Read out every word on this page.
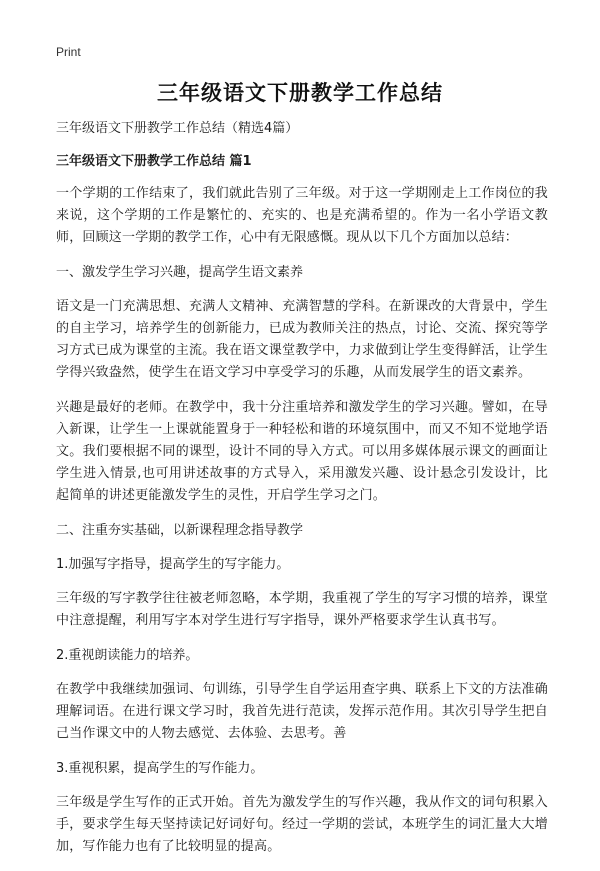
Print
三年级语文下册教学工作总结
三年级语文下册教学工作总结（精选4篇）
三年级语文下册教学工作总结 篇1
一个学期的工作结束了，我们就此告别了三年级。对于这一学期刚走上工作岗位的我来说，这个学期的工作是繁忙的、充实的、也是充满希望的。作为一名小学语文教师，回顾这一学期的教学工作，心中有无限感慨。现从以下几个方面加以总结：
一、激发学生学习兴趣，提高学生语文素养
语文是一门充满思想、充满人文精神、充满智慧的学科。在新课改的大背景中，学生的自主学习，培养学生的创新能力，已成为教师关注的热点，讨论、交流、探究等学习方式已成为课堂的主流。我在语文课堂教学中，力求做到让学生变得鲜活，让学生学得兴致盎然，使学生在语文学习中享受学习的乐趣，从而发展学生的语文素养。
兴趣是最好的老师。在教学中，我十分注重培养和激发学生的学习兴趣。譬如，在导入新课，让学生一上课就能置身于一种轻松和谐的环境氛围中，而又不知不觉地学语文。我们要根据不同的课型，设计不同的导入方式。可以用多媒体展示课文的画面让学生进入情景,也可用讲述故事的方式导入，采用激发兴趣、设计悬念引发设计，比起简单的讲述更能激发学生的灵性，开启学生学习之门。
二、注重夯实基础，以新课程理念指导教学
1.加强写字指导，提高学生的写字能力。
三年级的写字教学往往被老师忽略，本学期，我重视了学生的写字习惯的培养，课堂中注意提醒，利用写字本对学生进行写字指导，课外严格要求学生认真书写。
2.重视朗读能力的培养。
在教学中我继续加强词、句训练，引导学生自学运用查字典、联系上下文的方法准确理解词语。在进行课文学习时，我首先进行范读，发挥示范作用。其次引导学生把自己当作课文中的人物去感觉、去体验、去思考。善
3.重视积累，提高学生的写作能力。
三年级是学生写作的正式开始。首先为激发学生的写作兴趣，我从作文的词句积累入手，要求学生每天坚持读记好词好句。经过一学期的尝试，本班学生的词汇量大大增加，写作能力也有了比较明显的提高。
